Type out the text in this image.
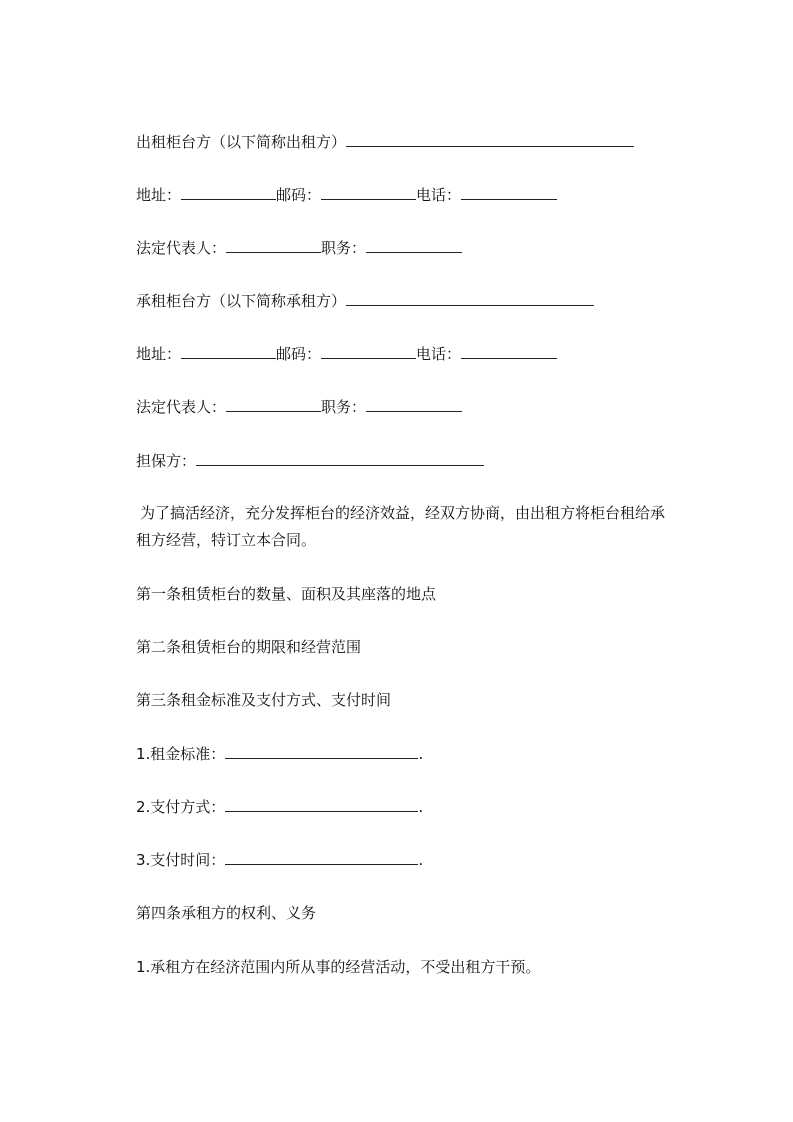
出租柜台方（以下简称出租方）
地址：	邮码：	电话：
法定代表人：	职务：
承租柜台方（以下简称承租方）
地址：	邮码：	电话：
法定代表人：	职务：
担保方：
为了搞活经济，充分发挥柜台的经济效益，经双方协商，由出租方将柜台租给承租方经营，特订立本合同。
第一条租赁柜台的数量、面积及其座落的地点
第二条租赁柜台的期限和经营范围
第三条租金标准及支付方式、支付时间
1.租金标准：	.
2.支付方式：	.
3.支付时间：	.
第四条承租方的权利、义务
1.承租方在经济范围内所从事的经营活动，不受出租方干预。
